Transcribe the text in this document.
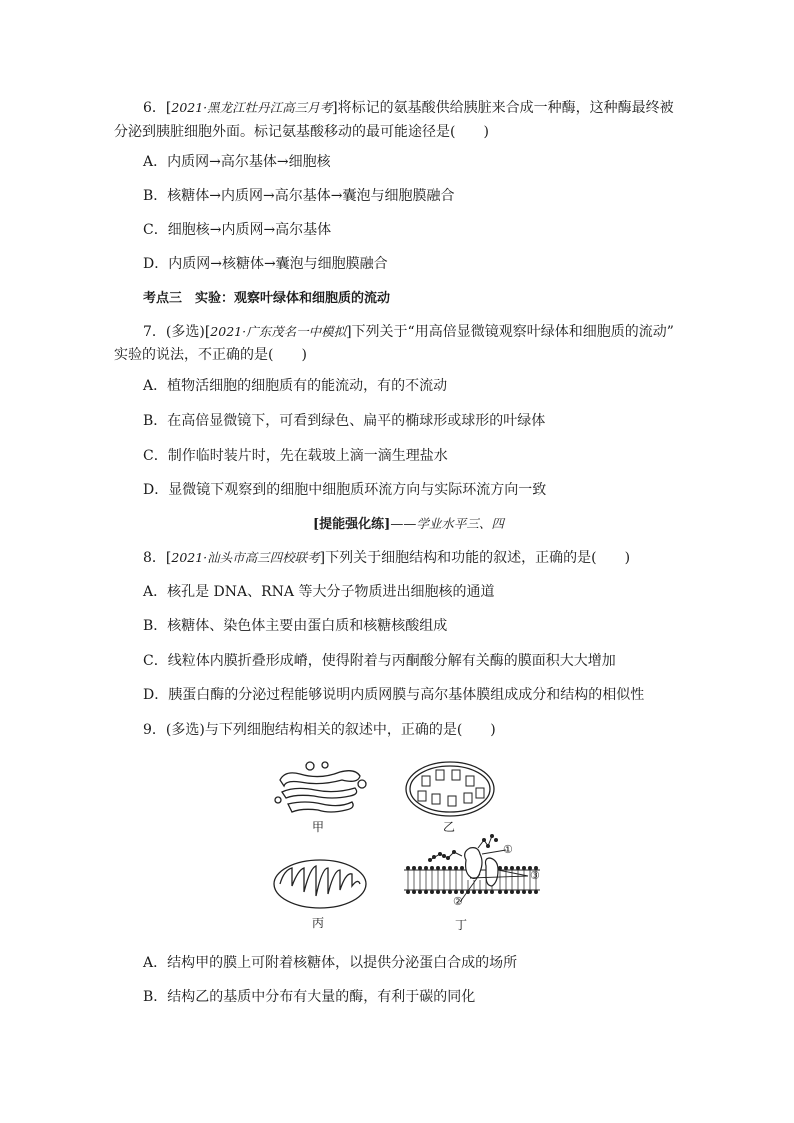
6．[2021·黑龙江牡丹江高三月考]将标记的氨基酸供给胰脏来合成一种酶，这种酶最终被
分泌到胰脏细胞外面。标记氨基酸移动的最可能途径是(　　)
A．内质网→高尔基体→细胞核
B．核糖体→内质网→高尔基体→囊泡与细胞膜融合
C．细胞核→内质网→高尔基体
D．内质网→核糖体→囊泡与细胞膜融合
考点三　实验：观察叶绿体和细胞质的流动
7．(多选)[2021·广东茂名一中模拟]下列关于“用高倍显微镜观察叶绿体和细胞质的流动”
实验的说法，不正确的是(　　)
A．植物活细胞的细胞质有的能流动，有的不流动
B．在高倍显微镜下，可看到绿色、扁平的椭球形或球形的叶绿体
C．制作临时装片时，先在载玻上滴一滴生理盐水
D．显微镜下观察到的细胞中细胞质环流方向与实际环流方向一致
[提能强化练]——学业水平三、四
8．[2021·汕头市高三四校联考]下列关于细胞结构和功能的叙述，正确的是(　　)
A．核孔是 DNA、RNA 等大分子物质进出细胞核的通道
B．核糖体、染色体主要由蛋白质和核糖核酸组成
C．线粒体内膜折叠形成嵴，使得附着与丙酮酸分解有关酶的膜面积大大增加
D．胰蛋白酶的分泌过程能够说明内质网膜与高尔基体膜组成成分和结构的相似性
9．(多选)与下列细胞结构相关的叙述中，正确的是(　　)
甲	乙
丙
①
②
③
丁
A．结构甲的膜上可附着核糖体，以提供分泌蛋白合成的场所
B．结构乙的基质中分布有大量的酶，有利于碳的同化
